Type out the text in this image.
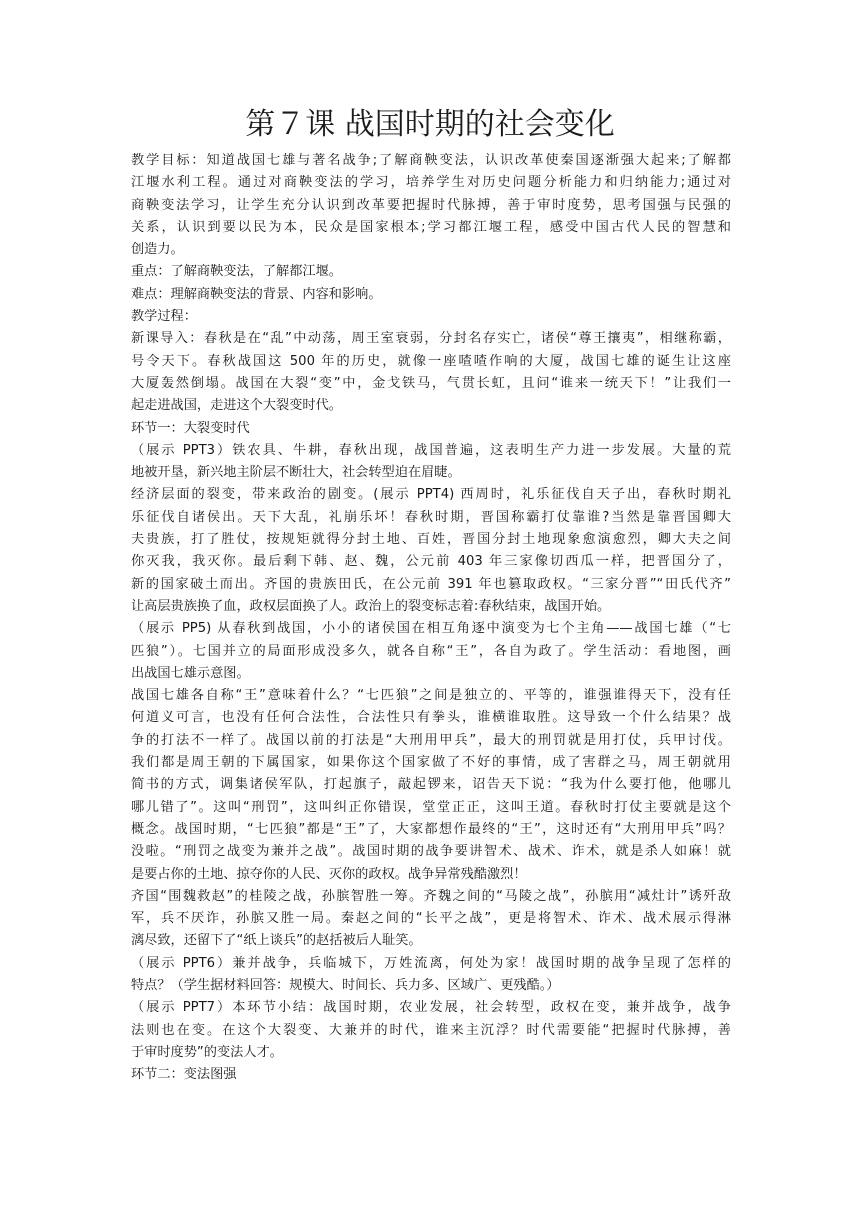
第７课 战国时期的社会变化
教学目标：知道战国七雄与著名战争;了解商鞅变法，认识改革使秦国逐渐强大起来;了解都
江堰水利工程。通过对商鞅变法的学习，培养学生对历史问题分析能力和归纳能力;通过对
商鞅变法学习，让学生充分认识到改革要把握时代脉搏，善于审时度势，思考国强与民强的
关系，认识到要以民为本，民众是国家根本;学习都江堰工程，感受中国古代人民的智慧和
创造力。
重点：了解商鞅变法，了解都江堰。
难点：理解商鞅变法的背景、内容和影响。
教学过程：
新课导入：春秋是在“乱”中动荡，周王室衰弱，分封名存实亡，诸侯“尊王攘夷”，相继称霸，
号令天下。春秋战国这 500 年的历史，就像一座喳喳作响的大厦，战国七雄的诞生让这座
大厦轰然倒塌。战国在大裂“变”中，金戈铁马，气贯长虹，且问“谁来一统天下！”让我们一
起走进战国，走进这个大裂变时代。
环节一：大裂变时代
（展示 PPT3）铁农具、牛耕，春秋出现，战国普遍，这表明生产力进一步发展。大量的荒
地被开垦，新兴地主阶层不断壮大，社会转型迫在眉睫。
经济层面的裂变，带来政治的剧变。(展示 PPT4) 西周时，礼乐征伐自天子出，春秋时期礼
乐征伐自诸侯出。天下大乱，礼崩乐坏！春秋时期，晋国称霸打仗靠谁?当然是靠晋国卿大
夫贵族，打了胜仗，按规矩就得分封土地、百姓，晋国分封土地现象愈演愈烈，卿大夫之间
你灭我，我灭你。最后剩下韩、赵、魏，公元前 403 年三家像切西瓜一样，把晋国分了，
新的国家破土而出。齐国的贵族田氏，在公元前 391 年也篡取政权。“三家分晋”“田氏代齐”
让高层贵族换了血，政权层面换了人。政治上的裂变标志着:春秋结束，战国开始。
（展示 PP5) 从春秋到战国，小小的诸侯国在相互角逐中演变为七个主角——战国七雄（“七
匹狼”）。七国并立的局面形成没多久，就各自称“王”，各自为政了。学生活动：看地图，画
出战国七雄示意图。
战国七雄各自称“王”意味着什么？“七匹狼”之间是独立的、平等的，谁强谁得天下，没有任
何道义可言，也没有任何合法性，合法性只有拳头，谁横谁取胜。这导致一个什么结果？战
争的打法不一样了。战国以前的打法是“大刑用甲兵”，最大的刑罚就是用打仗，兵甲讨伐。
我们都是周王朝的下属国家，如果你这个国家做了不好的事情，成了害群之马，周王朝就用
简书的方式，调集诸侯军队，打起旗子，敲起锣来，诏告天下说：“我为什么要打他，他哪儿
哪儿错了”。这叫“刑罚”，这叫纠正你错误，堂堂正正，这叫王道。春秋时打仗主要就是这个
概念。战国时期，“七匹狼”都是“王”了，大家都想作最终的“王”，这时还有“大刑用甲兵”吗？
没啦。“刑罚之战变为兼并之战”。战国时期的战争要讲智术、战术、诈术，就是杀人如麻！就
是要占你的土地、掠夺你的人民、灭你的政权。战争异常残酷激烈！
齐国“围魏救赵”的桂陵之战，孙膑智胜一筹。齐魏之间的“马陵之战”，孙膑用“减灶计”诱歼敌
军，兵不厌诈，孙膑又胜一局。秦赵之间的“长平之战”，更是将智术、诈术、战术展示得淋
漓尽致，还留下了“纸上谈兵”的赵括被后人耻笑。
（展示 PPT6）兼并战争，兵临城下，万姓流离，何处为家！战国时期的战争呈现了怎样的
特点？（学生据材料回答：规模大、时间长、兵力多、区域广、更残酷。）
（展示 PPT7）本环节小结：战国时期，农业发展，社会转型，政权在变，兼并战争，战争
法则也在变。在这个大裂变、大兼并的时代，谁来主沉浮？时代需要能“把握时代脉搏，善
于审时度势”的变法人才。
环节二：变法图强
